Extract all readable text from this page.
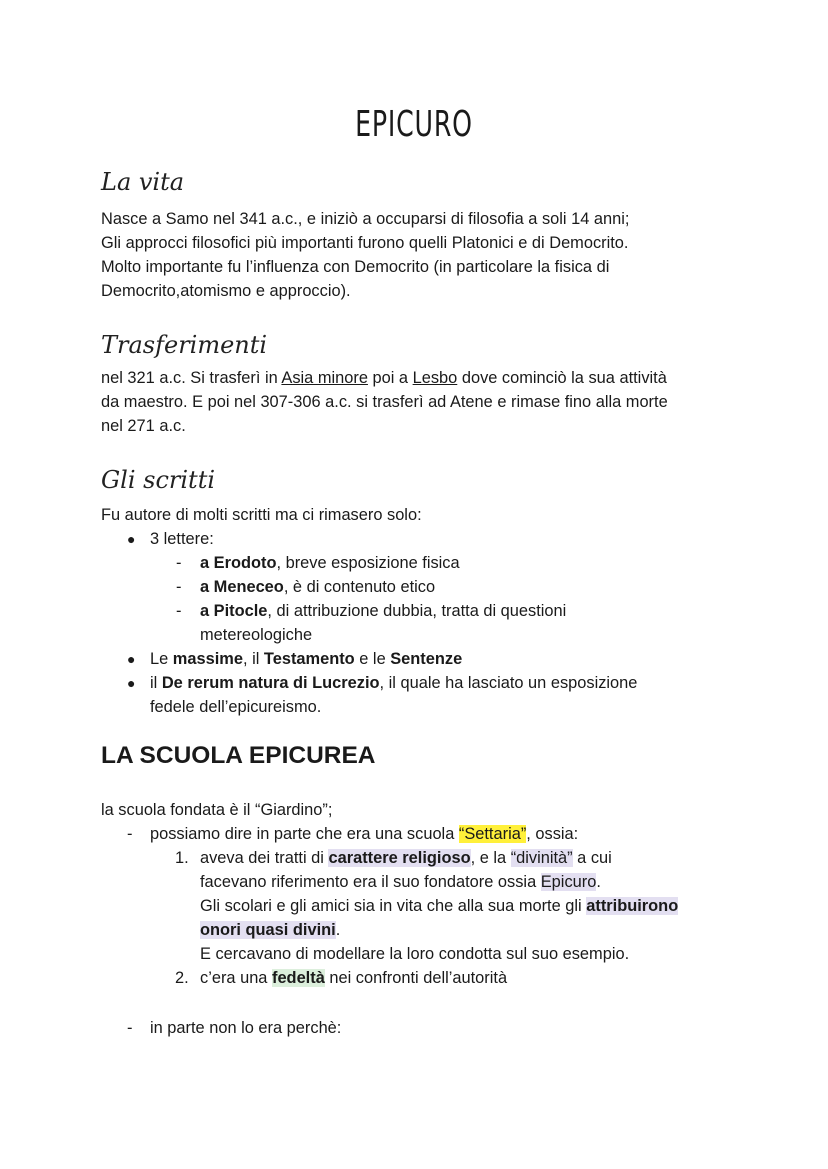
EPICURO
La vita
Nasce a Samo nel 341 a.c., e iniziò a occuparsi di filosofia a soli 14 anni;
Gli approcci filosofici più importanti furono quelli Platonici e di Democrito.
Molto importante fu l’influenza con Democrito (in particolare la fisica di
Democrito,atomismo e approccio).
Trasferimenti
nel 321 a.c. Si trasferì in Asia minore poi a Lesbo dove cominciò la sua attività
da maestro. E poi nel 307-306 a.c. si trasferì ad Atene e rimase fino alla morte
nel 271 a.c.
Gli scritti
Fu autore di molti scritti ma ci rimasero solo:
● 3 lettere:
- a Erodoto, breve esposizione fisica
- a Meneceo, è di contenuto etico
- a Pitocle, di attribuzione dubbia, tratta di questioni
metereologiche
● Le massime, il Testamento e le Sentenze
● il De rerum natura di Lucrezio, il quale ha lasciato un esposizione
fedele dell’epicureismo.
LA SCUOLA EPICUREA
la scuola fondata è il “Giardino”;
- possiamo dire in parte che era una scuola “Settaria”, ossia:
1. aveva dei tratti di carattere religioso, e la “divinità” a cui
facevano riferimento era il suo fondatore ossia Epicuro.
Gli scolari e gli amici sia in vita che alla sua morte gli attribuirono
onori quasi divini.
E cercavano di modellare la loro condotta sul suo esempio.
2. c’era una fedeltà nei confronti dell’autorità
- in parte non lo era perchè:
